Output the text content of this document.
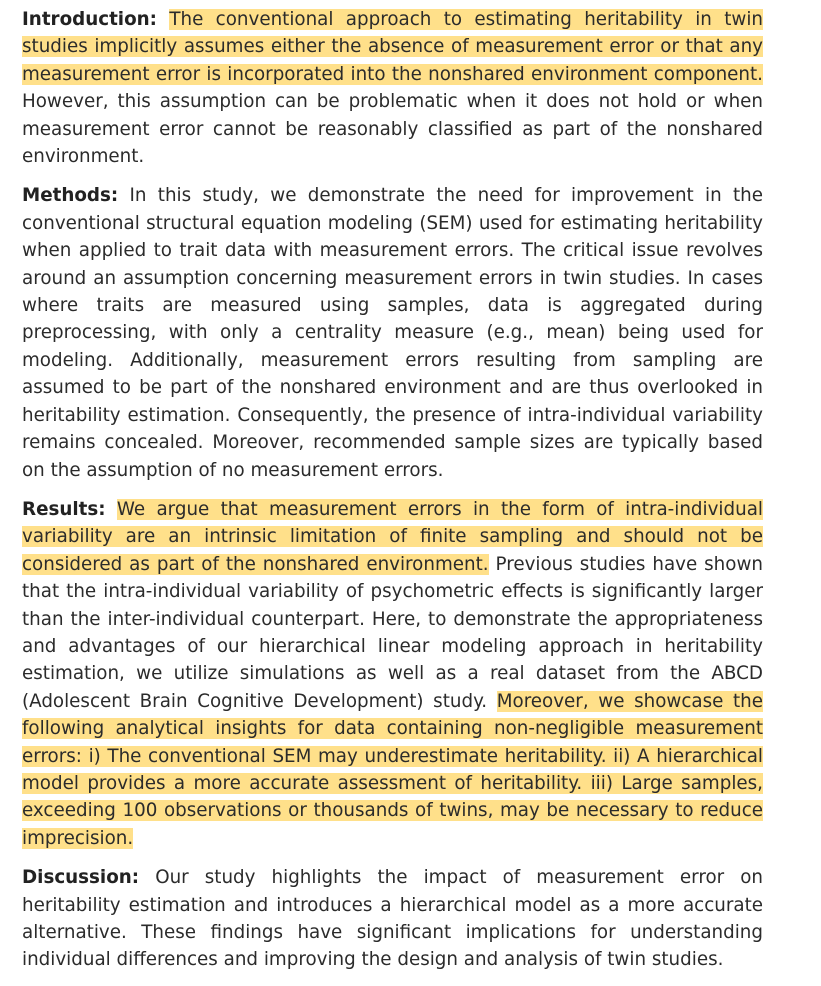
Introduction: The conventional approach to estimating heritability in twin studies implicitly assumes either the absence of measurement error or that any measurement error is incorporated into the nonshared environment component. However, this assumption can be problematic when it does not hold or when measurement error cannot be reasonably classified as part of the nonshared environment.

Methods: In this study, we demonstrate the need for improvement in the conventional structural equation modeling (SEM) used for estimating heritability when applied to trait data with measurement errors. The critical issue revolves around an assumption concerning measurement errors in twin studies. In cases where traits are measured using samples, data is aggregated during preprocessing, with only a centrality measure (e.g., mean) being used for modeling. Additionally, measurement errors resulting from sampling are assumed to be part of the nonshared environment and are thus overlooked in heritability estimation. Consequently, the presence of intra-individual variability remains concealed. Moreover, recommended sample sizes are typically based on the assumption of no measurement errors.

Results: We argue that measurement errors in the form of intra-individual variability are an intrinsic limitation of finite sampling and should not be considered as part of the nonshared environment. Previous studies have shown that the intra-individual variability of psychometric effects is significantly larger than the inter-individual counterpart. Here, to demonstrate the appropriateness and advantages of our hierarchical linear modeling approach in heritability estimation, we utilize simulations as well as a real dataset from the ABCD (Adolescent Brain Cognitive Development) study. Moreover, we showcase the following analytical insights for data containing non-negligible measurement errors: i) The conventional SEM may underestimate heritability. ii) A hierarchical model provides a more accurate assessment of heritability. iii) Large samples, exceeding 100 observations or thousands of twins, may be necessary to reduce imprecision.

Discussion: Our study highlights the impact of measurement error on heritability estimation and introduces a hierarchical model as a more accurate alternative. These findings have significant implications for understanding individual differences and improving the design and analysis of twin studies.
